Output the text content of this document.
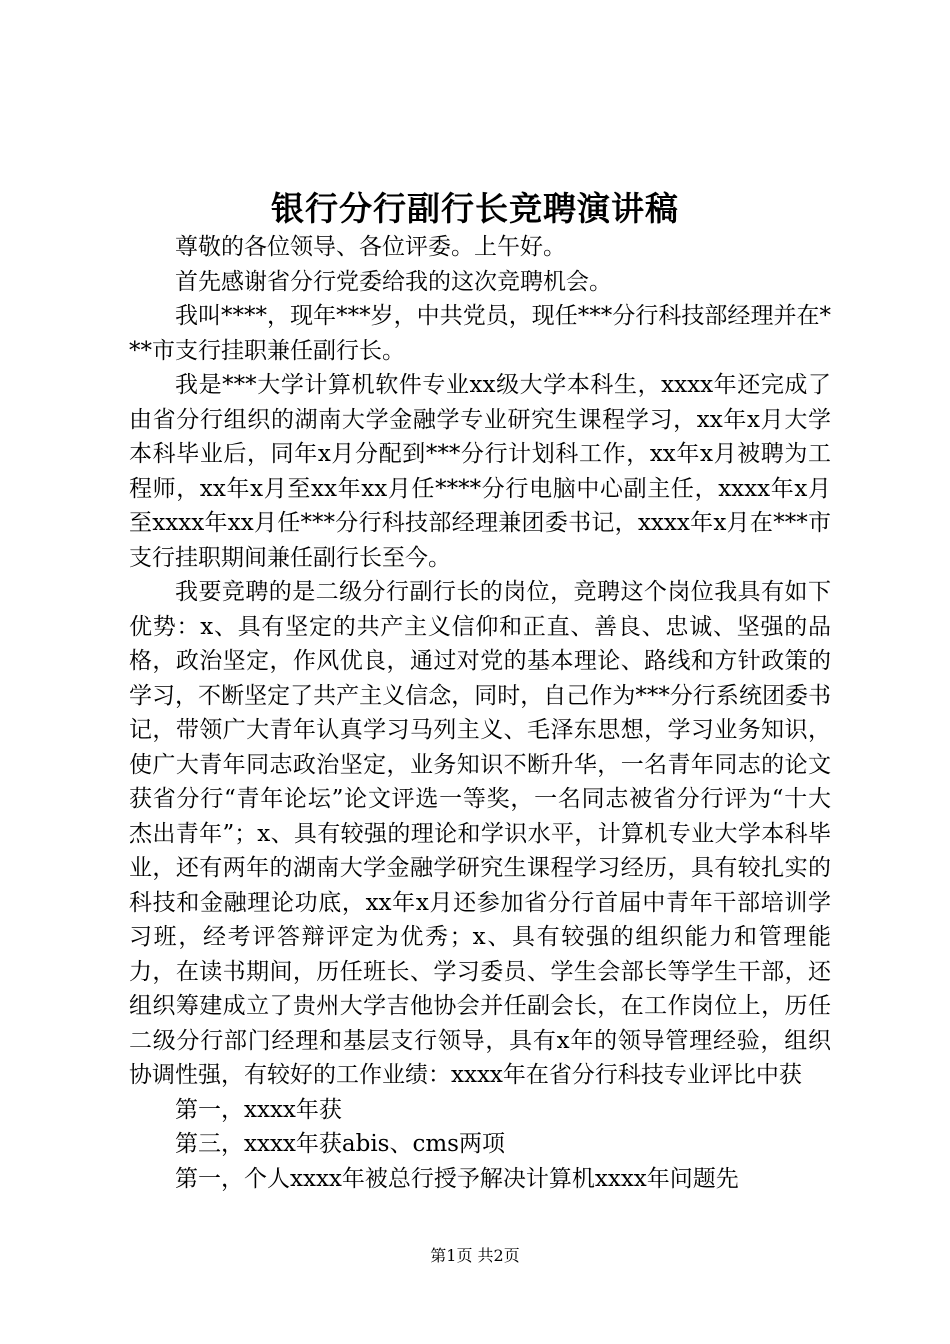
银行分行副行长竞聘演讲稿

尊敬的各位领导、各位评委。上午好。

首先感谢省分行党委给我的这次竞聘机会。

我叫****，现年***岁，中共党员，现任***分行科技部经理并在***市支行挂职兼任副行长。

我是***大学计算机软件专业xx级大学本科生，xxxx年还完成了由省分行组织的湖南大学金融学专业研究生课程学习，xx年x月大学本科毕业后，同年x月分配到***分行计划科工作，xx年x月被聘为工程师，xx年x月至xx年xx月任****分行电脑中心副主任，xxxx年x月至xxxx年xx月任***分行科技部经理兼团委书记，xxxx年x月在***市支行挂职期间兼任副行长至今。

我要竞聘的是二级分行副行长的岗位，竞聘这个岗位我具有如下优势：x、具有坚定的共产主义信仰和正直、善良、忠诚、坚强的品格，政治坚定，作风优良，通过对党的基本理论、路线和方针政策的学习，不断坚定了共产主义信念，同时，自己作为***分行系统团委书记，带领广大青年认真学习马列主义、毛泽东思想，学习业务知识，使广大青年同志政治坚定，业务知识不断升华，一名青年同志的论文获省分行“青年论坛”论文评选一等奖，一名同志被省分行评为“十大杰出青年”；x、具有较强的理论和学识水平，计算机专业大学本科毕业，还有两年的湖南大学金融学研究生课程学习经历，具有较扎实的科技和金融理论功底，xx年x月还参加省分行首届中青年干部培训学习班，经考评答辩评定为优秀；x、具有较强的组织能力和管理能力，在读书期间，历任班长、学习委员、学生会部长等学生干部，还组织筹建成立了贵州大学吉他协会并任副会长，在工作岗位上，历任二级分行部门经理和基层支行领导，具有x年的领导管理经验，组织协调性强，有较好的工作业绩：xxxx年在省分行科技专业评比中获

第一，xxxx年获

第三，xxxx年获abis、cms两项

第一，个人xxxx年被总行授予解决计算机xxxx年问题先

第1页 共2页
